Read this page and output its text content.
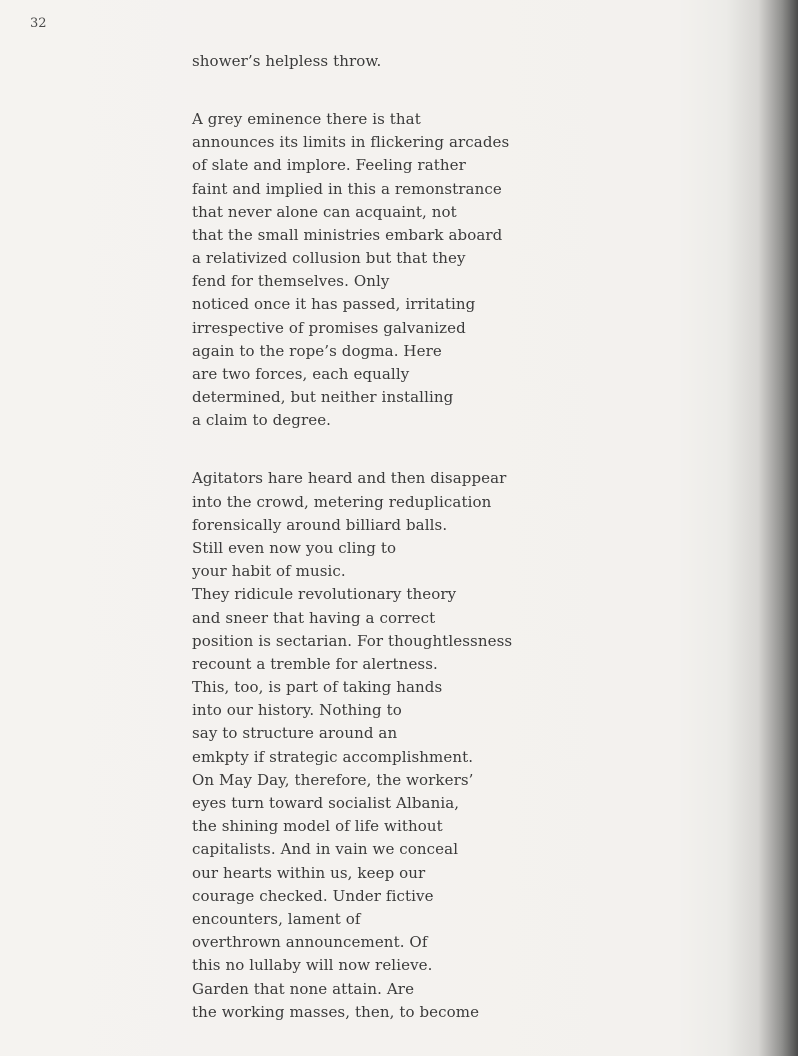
32
shower’s helpless throw.
A grey eminence there is that
announces its limits in flickering arcades
of slate and implore. Feeling rather
faint and implied in this a remonstrance
that never alone can acquaint, not
that the small ministries embark aboard
a relativized collusion but that they
fend for themselves. Only
noticed once it has passed, irritating
irrespective of promises galvanized
again to the rope’s dogma. Here
are two forces, each equally
determined, but neither installing
a claim to degree.
Agitators hare heard and then disappear
into the crowd, metering reduplication
forensically around billiard balls.
Still even now you cling to
your habit of music.
They ridicule revolutionary theory
and sneer that having a correct
position is sectarian. For thoughtlessness
recount a tremble for alertness.
This, too, is part of taking hands
into our history. Nothing to
say to structure around an
emkpty if strategic accomplishment.
On May Day, therefore, the workers’
eyes turn toward socialist Albania,
the shining model of life without
capitalists. And in vain we conceal
our hearts within us, keep our
courage checked. Under fictive
encounters, lament of
overthrown announcement. Of
this no lullaby will now relieve.
Garden that none attain. Are
the working masses, then, to become
